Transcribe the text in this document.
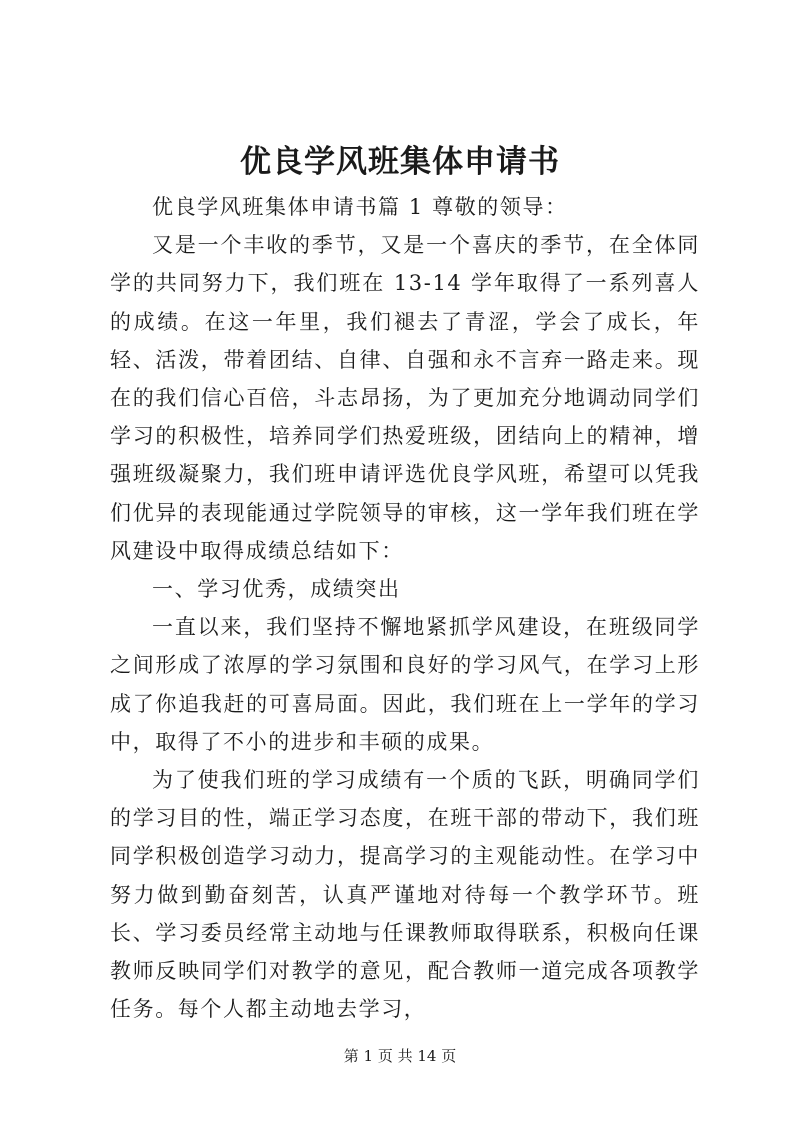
优良学风班集体申请书

优良学风班集体申请书篇 1 尊敬的领导：

又是一个丰收的季节，又是一个喜庆的季节，在全体同学的共同努力下，我们班在 13-14 学年取得了一系列喜人的成绩。在这一年里，我们褪去了青涩，学会了成长，年轻、活泼，带着团结、自律、自强和永不言弃一路走来。现在的我们信心百倍，斗志昂扬，为了更加充分地调动同学们学习的积极性，培养同学们热爱班级，团结向上的精神，增强班级凝聚力，我们班申请评选优良学风班，希望可以凭我们优异的表现能通过学院领导的审核，这一学年我们班在学风建设中取得成绩总结如下：

一、学习优秀，成绩突出

一直以来，我们坚持不懈地紧抓学风建设，在班级同学之间形成了浓厚的学习氛围和良好的学习风气，在学习上形成了你追我赶的可喜局面。因此，我们班在上一学年的学习中，取得了不小的进步和丰硕的成果。

为了使我们班的学习成绩有一个质的飞跃，明确同学们的学习目的性，端正学习态度，在班干部的带动下，我们班同学积极创造学习动力，提高学习的主观能动性。在学习中努力做到勤奋刻苦，认真严谨地对待每一个教学环节。班长、学习委员经常主动地与任课教师取得联系，积极向任课教师反映同学们对教学的意见，配合教师一道完成各项教学任务。每个人都主动地去学习，

第 1 页 共 14 页
